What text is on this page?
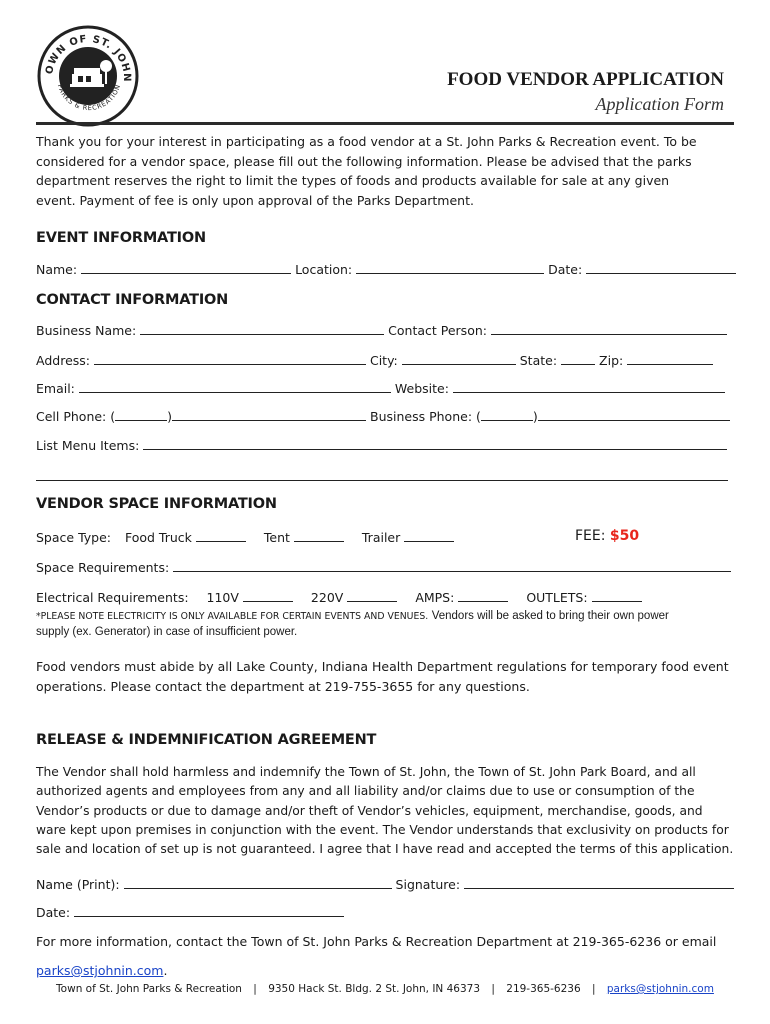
OWN OF ST. JOHN
PARKS & RECREATION	FOOD VENDOR APPLICATION
Application Form
Thank you for your interest in participating as a food vendor at a St. John Parks & Recreation event. To be considered for a vendor space, please fill out the following information. Please be advised that the parks department reserves the right to limit the types of foods and products available for sale at any given event. Payment of fee is only upon approval of the Parks Department.
EVENT INFORMATION
Name:	Location:	Date:
CONTACT INFORMATION
Business Name:	Contact Person:
Address:	City:	State:	Zip:
Email:	Website:
Cell Phone: (	)	Business Phone: (	)
List Menu Items:
VENDOR SPACE INFORMATION
Space Type: Food Truck	Tent	Trailer	FEE: $50
Space Requirements:
Electrical Requirements: 110V	220V	AMPS:	OUTLETS:
*PLEASE NOTE ELECTRICITY IS ONLY AVAILABLE FOR CERTAIN EVENTS AND VENUES. Vendors will be asked to bring their own power
supply (ex. Generator) in case of insufficient power.
Food vendors must abide by all Lake County, Indiana Health Department regulations for temporary food event
operations. Please contact the department at 219-755-3655 for any questions.
RELEASE & INDEMNIFICATION AGREEMENT
The Vendor shall hold harmless and indemnify the Town of St. John, the Town of St. John Park Board, and all
authorized agents and employees from any and all liability and/or claims due to use or consumption of the
Vendor’s products or due to damage and/or theft of Vendor’s vehicles, equipment, merchandise, goods, and
ware kept upon premises in conjunction with the event. The Vendor understands that exclusivity on products for
sale and location of set up is not guaranteed. I agree that I have read and accepted the terms of this application.
Name (Print):	Signature:
Date:
For more information, contact the Town of St. John Parks & Recreation Department at 219-365-6236 or email
parks@stjohnin.com.
Town of St. John Parks & Recreation | 9350 Hack St. Bldg. 2 St. John, IN 46373 | 219-365-6236 | parks@stjohnin.com
